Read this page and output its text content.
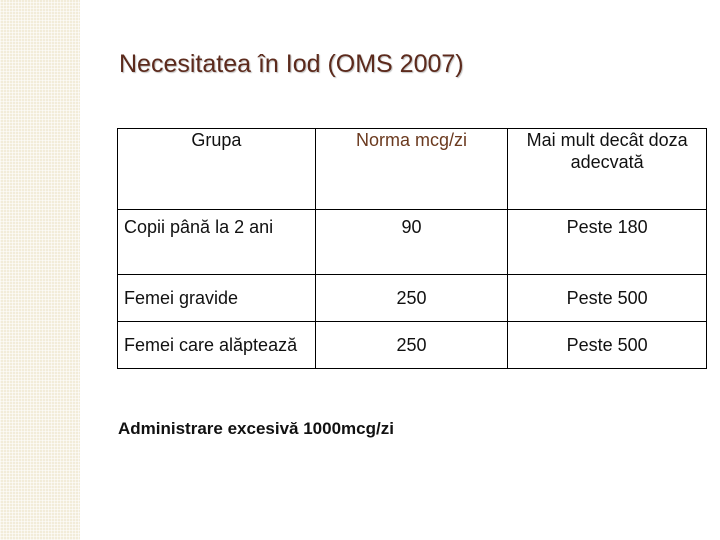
Necesitatea în Iod (OMS 2007)
Grupa	Norma mcg/zi	Mai mult decât doza adecvată
Copii până la 2 ani	90	Peste 180
Femei gravide	250	Peste 500
Femei care alăptează	250	Peste 500
Administrare excesivă 1000mcg/zi
